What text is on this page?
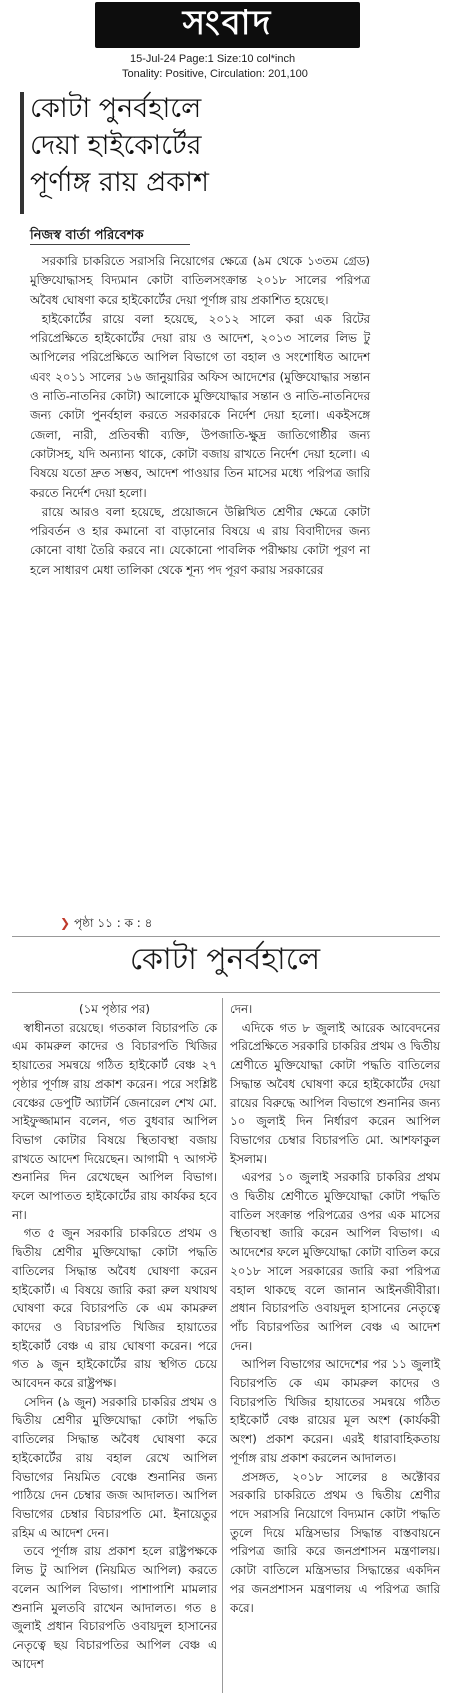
সংবাদ
15-Jul-24 Page:1 Size:10 col*inch
Tonality: Positive, Circulation: 201,100
কোটা পুনর্বহালে
দেয়া হাইকোর্টের
পূর্ণাঙ্গ রায় প্রকাশ
নিজস্ব বার্তা পরিবেশক

সরকারি চাকরিতে সরাসরি নিয়োগের ক্ষেত্রে (৯ম থেকে ১৩তম গ্রেড) মুক্তিযোদ্ধাসহ বিদ্যমান কোটা বাতিলসংক্রান্ত ২০১৮ সালের পরিপত্র অবৈধ ঘোষণা করে হাইকোর্টের দেয়া পূর্ণাঙ্গ রায় প্রকাশিত হয়েছে।

হাইকোর্টের রায়ে বলা হয়েছে, ২০১২ সালে করা এক রিটের পরিপ্রেক্ষিতে হাইকোর্টের দেয়া রায় ও আদেশ, ২০১৩ সালের লিভ টু আপিলের পরিপ্রেক্ষিতে আপিল বিভাগে তা বহাল ও সংশোধিত আদেশ এবং ২০১১ সালের ১৬ জানুয়ারির অফিস আদেশের (মুক্তিযোদ্ধার সন্তান ও নাতি-নাতনির কোটা) আলোকে মুক্তিযোদ্ধার সন্তান ও নাতি-নাতনিদের জন্য কোটা পুনর্বহাল করতে সরকারকে নির্দেশ দেয়া হলো। একইসঙ্গে জেলা, নারী, প্রতিবন্ধী ব্যক্তি, উপজাতি-ক্ষুদ্র জাতিগোষ্ঠীর জন্য কোটাসহ, যদি অন্যান্য থাকে, কোটা বজায় রাখতে নির্দেশ দেয়া হলো। এ বিষয়ে যতো দ্রুত সম্ভব, আদেশ পাওয়ার তিন মাসের মধ্যে পরিপত্র জারি করতে নির্দেশ দেয়া হলো।

রায়ে আরও বলা হয়েছে, প্রয়োজনে উল্লিখিত শ্রেণীর ক্ষেত্রে কোটা পরিবর্তন ও হার কমানো বা বাড়ানোর বিষয়ে এ রায় বিবাদীদের জন্য কোনো বাধা তৈরি করবে না। যেকোনো পাবলিক পরীক্ষায় কোটা পূরণ না হলে সাধারণ মেধা তালিকা থেকে শূন্য পদ পূরণ করায় সরকারের

❯ পৃষ্ঠা ১১ : ক : ৪
কোটা পুনর্বহালে

(১ম পৃষ্ঠার পর)

স্বাধীনতা রয়েছে। গতকাল বিচারপতি কে এম কামরুল কাদের ও বিচারপতি খিজির হায়াতের সমন্বয়ে গঠিত হাইকোর্ট বেঞ্চ ২৭ পৃষ্ঠার পূর্ণাঙ্গ রায় প্রকাশ করেন। পরে সংশ্লিষ্ট বেঞ্চের ডেপুটি অ্যাটর্নি জেনারেল শেখ মো. সাইফুজ্জামান বলেন, গত বুধবার আপিল বিভাগ কোটার বিষয়ে স্থিতাবস্থা বজায় রাখতে আদেশ দিয়েছেন। আগামী ৭ আগস্ট শুনানির দিন রেখেছেন আপিল বিভাগ। ফলে আপাতত হাইকোর্টের রায় কার্যকর হবে না।

গত ৫ জুন সরকারি চাকরিতে প্রথম ও দ্বিতীয় শ্রেণীর মুক্তিযোদ্ধা কোটা পদ্ধতি বাতিলের সিদ্ধান্ত অবৈধ ঘোষণা করেন হাইকোর্ট। এ বিষয়ে জারি করা রুল যথাযথ ঘোষণা করে বিচারপতি কে এম কামরুল কাদের ও বিচারপতি খিজির হায়াতের হাইকোর্ট বেঞ্চ এ রায় ঘোষণা করেন। পরে গত ৯ জুন হাইকোর্টের রায় স্থগিত চেয়ে আবেদন করে রাষ্ট্রপক্ষ।

সেদিন (৯ জুন) সরকারি চাকরির প্রথম ও দ্বিতীয় শ্রেণীর মুক্তিযোদ্ধা কোটা পদ্ধতি বাতিলের সিদ্ধান্ত অবৈধ ঘোষণা করে হাইকোর্টের রায় বহাল রেখে আপিল বিভাগের নিয়মিত বেঞ্চে শুনানির জন্য পাঠিয়ে দেন চেম্বার জজ আদালত। আপিল বিভাগের চেম্বার বিচারপতি মো. ইনায়েতুর রহিম এ আদেশ দেন।

তবে পূর্ণাঙ্গ রায় প্রকাশ হলে রাষ্ট্রপক্ষকে লিভ টু আপিল (নিয়মিত আপিল) করতে বলেন আপিল বিভাগ। পাশাপাশি মামলার শুনানি মুলতবি রাখেন আদালত। গত ৪ জুলাই প্রধান বিচারপতি ওবায়দুল হাসানের নেতৃত্বে ছয় বিচারপতির আপিল বেঞ্চ এ আদেশ

দেন।

এদিকে গত ৮ জুলাই আরেক আবেদনের পরিপ্রেক্ষিতে সরকারি চাকরির প্রথম ও দ্বিতীয় শ্রেণীতে মুক্তিযোদ্ধা কোটা পদ্ধতি বাতিলের সিদ্ধান্ত অবৈধ ঘোষণা করে হাইকোর্টের দেয়া রায়ের বিরুদ্ধে আপিল বিভাগে শুনানির জন্য ১০ জুলাই দিন নির্ধারণ করেন আপিল বিভাগের চেম্বার বিচারপতি মো. আশফাকুল ইসলাম।

এরপর ১০ জুলাই সরকারি চাকরির প্রথম ও দ্বিতীয় শ্রেণীতে মুক্তিযোদ্ধা কোটা পদ্ধতি বাতিল সংক্রান্ত পরিপত্রের ওপর এক মাসের স্থিতাবস্থা জারি করেন আপিল বিভাগ। এ আদেশের ফলে মুক্তিযোদ্ধা কোটা বাতিল করে ২০১৮ সালে সরকারের জারি করা পরিপত্র বহাল থাকছে বলে জানান আইনজীবীরা। প্রধান বিচারপতি ওবায়দুল হাসানের নেতৃত্বে পাঁচ বিচারপতির আপিল বেঞ্চ এ আদেশ দেন।

আপিল বিভাগের আদেশের পর ১১ জুলাই বিচারপতি কে এম কামরুল কাদের ও বিচারপতি খিজির হায়াতের সমন্বয়ে গঠিত হাইকোর্ট বেঞ্চ রায়ের মূল অংশ (কার্যকরী অংশ) প্রকাশ করেন। এরই ধারাবাহিকতায় পূর্ণাঙ্গ রায় প্রকাশ করলেন আদালত।

প্রসঙ্গত, ২০১৮ সালের ৪ অক্টোবর সরকারি চাকরিতে প্রথম ও দ্বিতীয় শ্রেণীর পদে সরাসরি নিয়োগে বিদ্যমান কোটা পদ্ধতি তুলে দিয়ে মন্ত্রিসভার সিদ্ধান্ত বাস্তবায়নে পরিপত্র জারি করে জনপ্রশাসন মন্ত্রণালয়। কোটা বাতিলে মন্ত্রিসভার সিদ্ধান্তের একদিন পর জনপ্রশাসন মন্ত্রণালয় এ পরিপত্র জারি করে।
